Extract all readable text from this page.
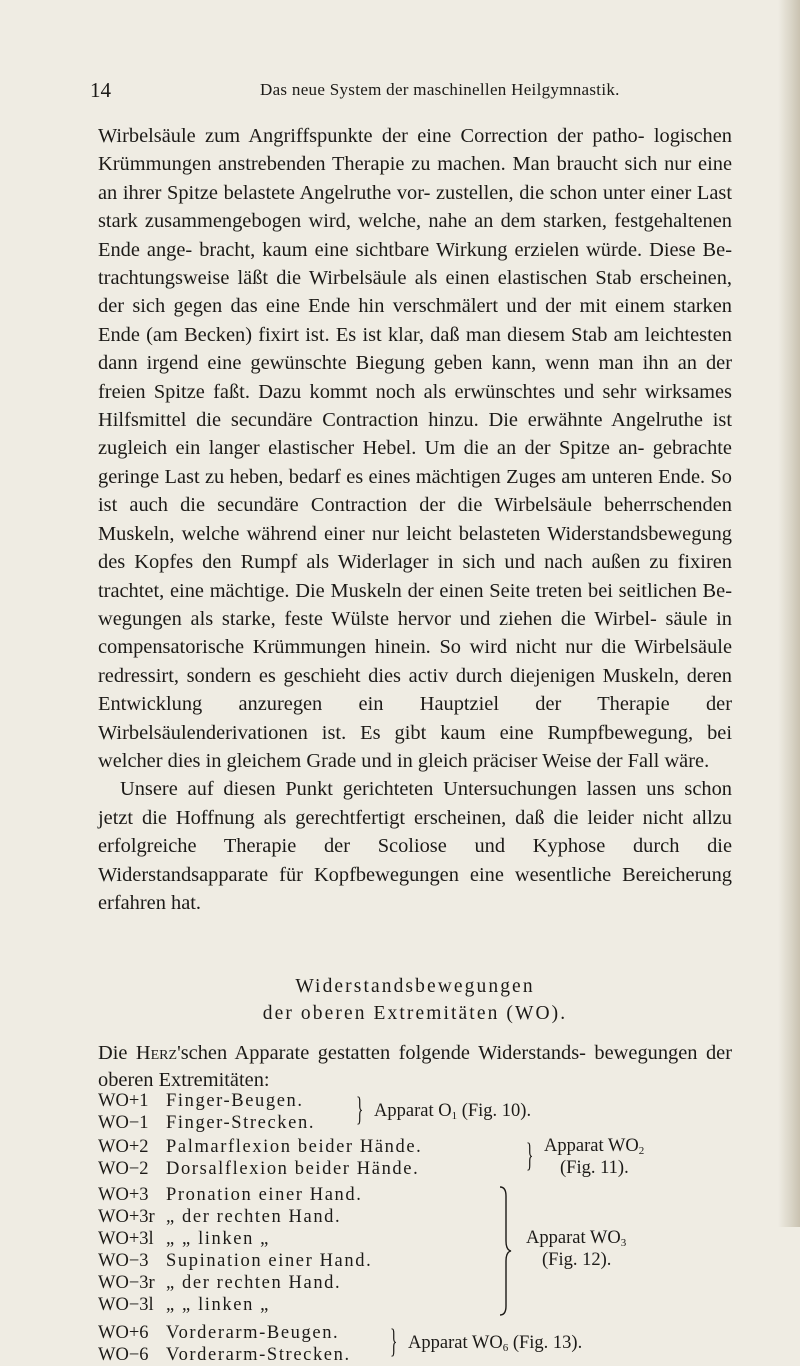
14	Das neue System der maschinellen Heilgymnastik.

Wirbelsäule zum Angriffspunkte der eine Correction der patho- logischen Krümmungen anstrebenden Therapie zu machen. Man braucht sich nur eine an ihrer Spitze belastete Angelruthe vor- zustellen, die schon unter einer Last stark zusammengebogen wird, welche, nahe an dem starken, festgehaltenen Ende ange- bracht, kaum eine sichtbare Wirkung erzielen würde. Diese Be- trachtungsweise läßt die Wirbelsäule als einen elastischen Stab erscheinen, der sich gegen das eine Ende hin verschmälert und der mit einem starken Ende (am Becken) fixirt ist. Es ist klar, daß man diesem Stab am leichtesten dann irgend eine gewünschte Biegung geben kann, wenn man ihn an der freien Spitze faßt. Dazu kommt noch als erwünschtes und sehr wirksames Hilfsmittel die secundäre Contraction hinzu. Die erwähnte Angelruthe ist zugleich ein langer elastischer Hebel. Um die an der Spitze an- gebrachte geringe Last zu heben, bedarf es eines mächtigen Zuges am unteren Ende. So ist auch die secundäre Contraction der die Wirbelsäule beherrschenden Muskeln, welche während einer nur leicht belasteten Widerstandsbewegung des Kopfes den Rumpf als Widerlager in sich und nach außen zu fixiren trachtet, eine mächtige. Die Muskeln der einen Seite treten bei seitlichen Be- wegungen als starke, feste Wülste hervor und ziehen die Wirbel- säule in compensatorische Krümmungen hinein. So wird nicht nur die Wirbelsäule redressirt, sondern es geschieht dies activ durch diejenigen Muskeln, deren Entwicklung anzuregen ein Hauptziel der Therapie der Wirbelsäulenderivationen ist. Es gibt kaum eine Rumpfbewegung, bei welcher dies in gleichem Grade und in gleich präciser Weise der Fall wäre.

Unsere auf diesen Punkt gerichteten Untersuchungen lassen uns schon jetzt die Hoffnung als gerechtfertigt erscheinen, daß die leider nicht allzu erfolgreiche Therapie der Scoliose und Kyphose durch die Widerstandsapparate für Kopfbewegungen eine wesentliche Bereicherung erfahren hat.

Widerstandsbewegungen
der oberen Extremitäten (WO).
Die Herz'schen Apparate gestatten folgende Widerstands- bewegungen der oberen Extremitäten:
WO+1 Finger-Beugen.
WO−1 Finger-Strecken. } Apparat $O_1$ (Fig. 10).
WO+2 Palmarflexion beider Hände.
WO−2 Dorsalflexion beider Hände.	} Apparat $WO_2$
(Fig. 11).
WO+3 Pronation einer Hand.
WO+3r „ der rechten Hand.
WO+3l „ „ linken „
WO−3 Supination einer Hand.
WO−3r „ der rechten Hand.
WO−3l „ „ linken „
Apparat $WO_3$
(Fig. 12).
WO+6 Vorderarm-Beugen.
WO−6 Vorderarm-Strecken. } Apparat $WO_6$ (Fig. 13).
